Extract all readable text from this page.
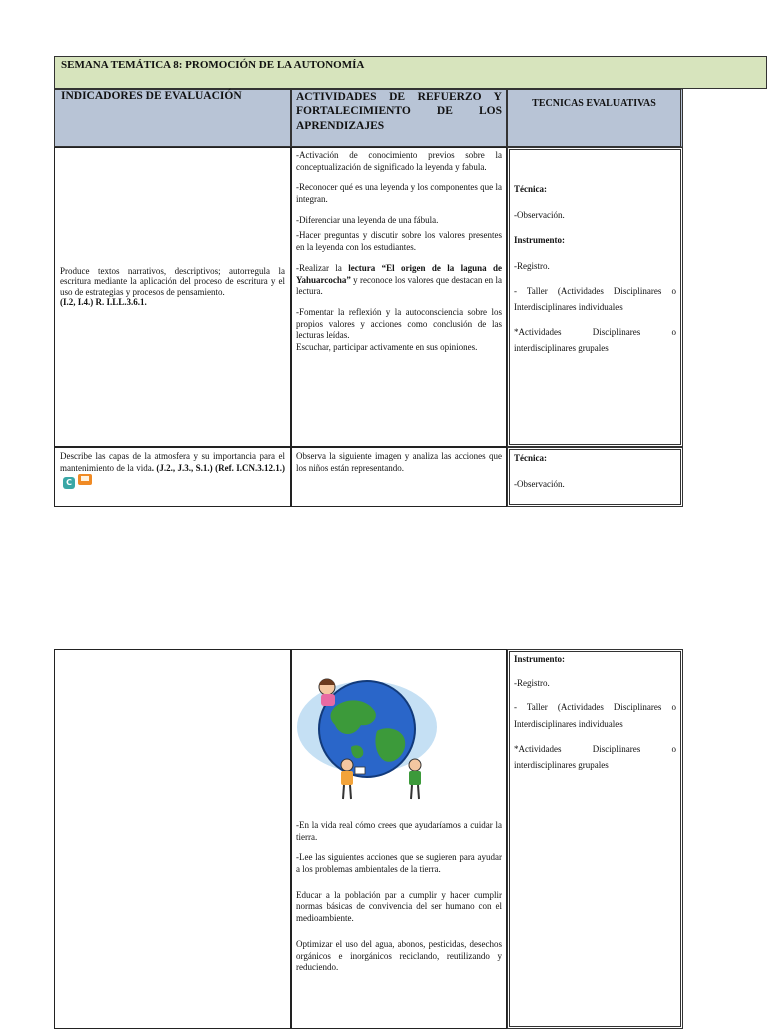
SEMANA TEMÁTICA 8: PROMOCIÓN DE LA AUTONOMÍA
INDICADORES DE EVALUACIÓN	ACTIVIDADES DE REFUERZO Y FORTALECIMIENTO DE LOS APRENDIZAJES
TECNICAS EVALUATIVAS
Produce textos narrativos, descriptivos; autorregula la escritura mediante la aplicación del proceso de escritura y el uso de estrategias y procesos de pensamiento.
(I.2, I.4.) R. I.LL.3.6.1.

-Activación de conocimiento previos sobre la conceptualización de significado la leyenda y fabula.

-Reconocer qué es una leyenda y los componentes que la integran.

-Diferenciar una leyenda de una fábula.

-Hacer preguntas y discutir sobre los valores presentes en la leyenda con los estudiantes.

-Realizar la lectura “El origen de la laguna de Yahuarcocha” y reconoce los valores que destacan en la lectura.

-Fomentar la reflexión y la autoconsciencia sobre los propios valores y acciones como conclusión de las lecturas leídas.

Escuchar, participar activamente en sus opiniones.

Técnica:

-Observación.

Instrumento:

-Registro.

- Taller (Actividades Disciplinares o Interdisciplinares individuales

*Actividades Disciplinares o interdisciplinares grupales

Describe las capas de la atmosfera y su importancia para el mantenimiento de la vida. (J.2., J.3., S.1.) (Ref. I.CN.3.12.1.) C

Observa la siguiente imagen y analiza las acciones que los niños están representando.

Técnica:

-Observación.

-En la vida real cómo crees que ayudaríamos a cuidar la tierra.

-Lee las siguientes acciones que se sugieren para ayudar a los problemas ambientales de la tierra.

Educar a la población par a cumplir y hacer cumplir normas básicas de convivencia del ser humano con el medioambiente.

Optimizar el uso del agua, abonos, pesticidas, desechos orgánicos e inorgánicos reciclando, reutilizando y reduciendo.

Instrumento:

-Registro.

- Taller (Actividades Disciplinares o Interdisciplinares individuales

*Actividades Disciplinares o interdisciplinares grupales
